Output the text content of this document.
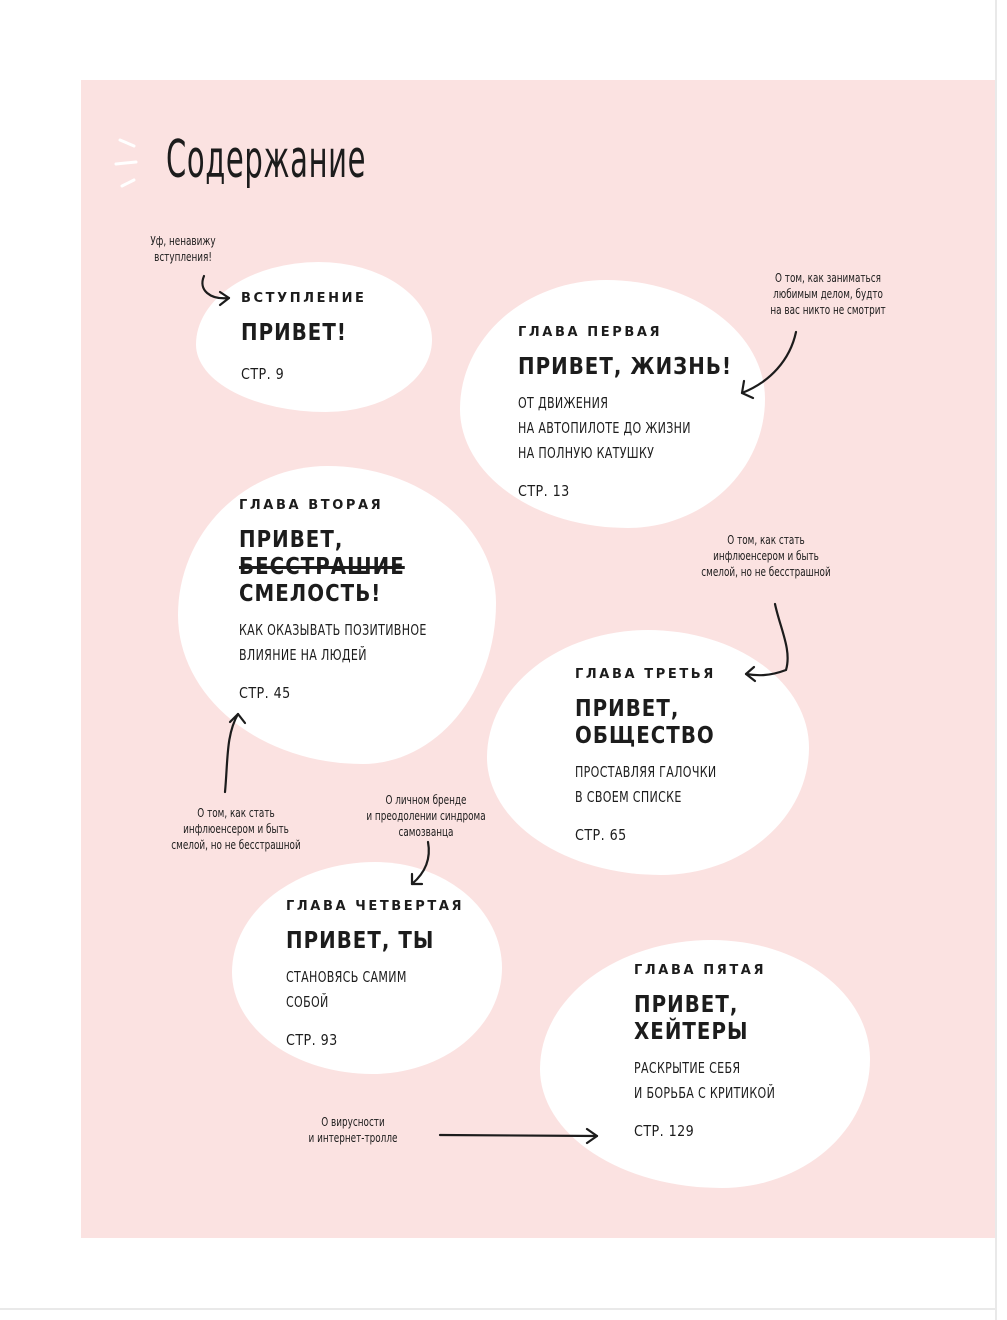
Содержание
ВСТУПЛЕНИЕ
ПРИВЕТ!
СТР. 9
ГЛАВА ПЕРВАЯ
ПРИВЕТ, ЖИЗНЬ!
ОТ ДВИЖЕНИЯ
НА АВТОПИЛОТЕ ДО ЖИЗНИ
НА ПОЛНУЮ КАТУШКУ
СТР. 13
ГЛАВА ВТОРАЯ
ПРИВЕТ,
БЕССТРАШИЕ
СМЕЛОСТЬ!
КАК ОКАЗЫВАТЬ ПОЗИТИВНОЕ
ВЛИЯНИЕ НА ЛЮДЕЙ
СТР. 45
ГЛАВА ТРЕТЬЯ
ПРИВЕТ,
ОБЩЕСТВО
ПРОСТАВЛЯЯ ГАЛОЧКИ
В СВОЕМ СПИСКЕ
СТР. 65
ГЛАВА ЧЕТВЕРТАЯ
ПРИВЕТ, ТЫ
СТАНОВЯСЬ САМИМ
СОБОЙ
СТР. 93
ГЛАВА ПЯТАЯ
ПРИВЕТ,
ХЕЙТЕРЫ
РАСКРЫТИЕ СЕБЯ
И БОРЬБА С КРИТИКОЙ
СТР. 129
Уф, ненавижу
вступления!
О том, как заниматься
любимым делом, будто
на вас никто не смотрит
О том, как стать
инфлюенсером и быть
смелой, но не бесстрашной
О том, как стать
инфлюенсером и быть
смелой, но не бесстрашной
О личном бренде
и преодолении синдрома
самозванца
О вирусности
и интернет-тролле
